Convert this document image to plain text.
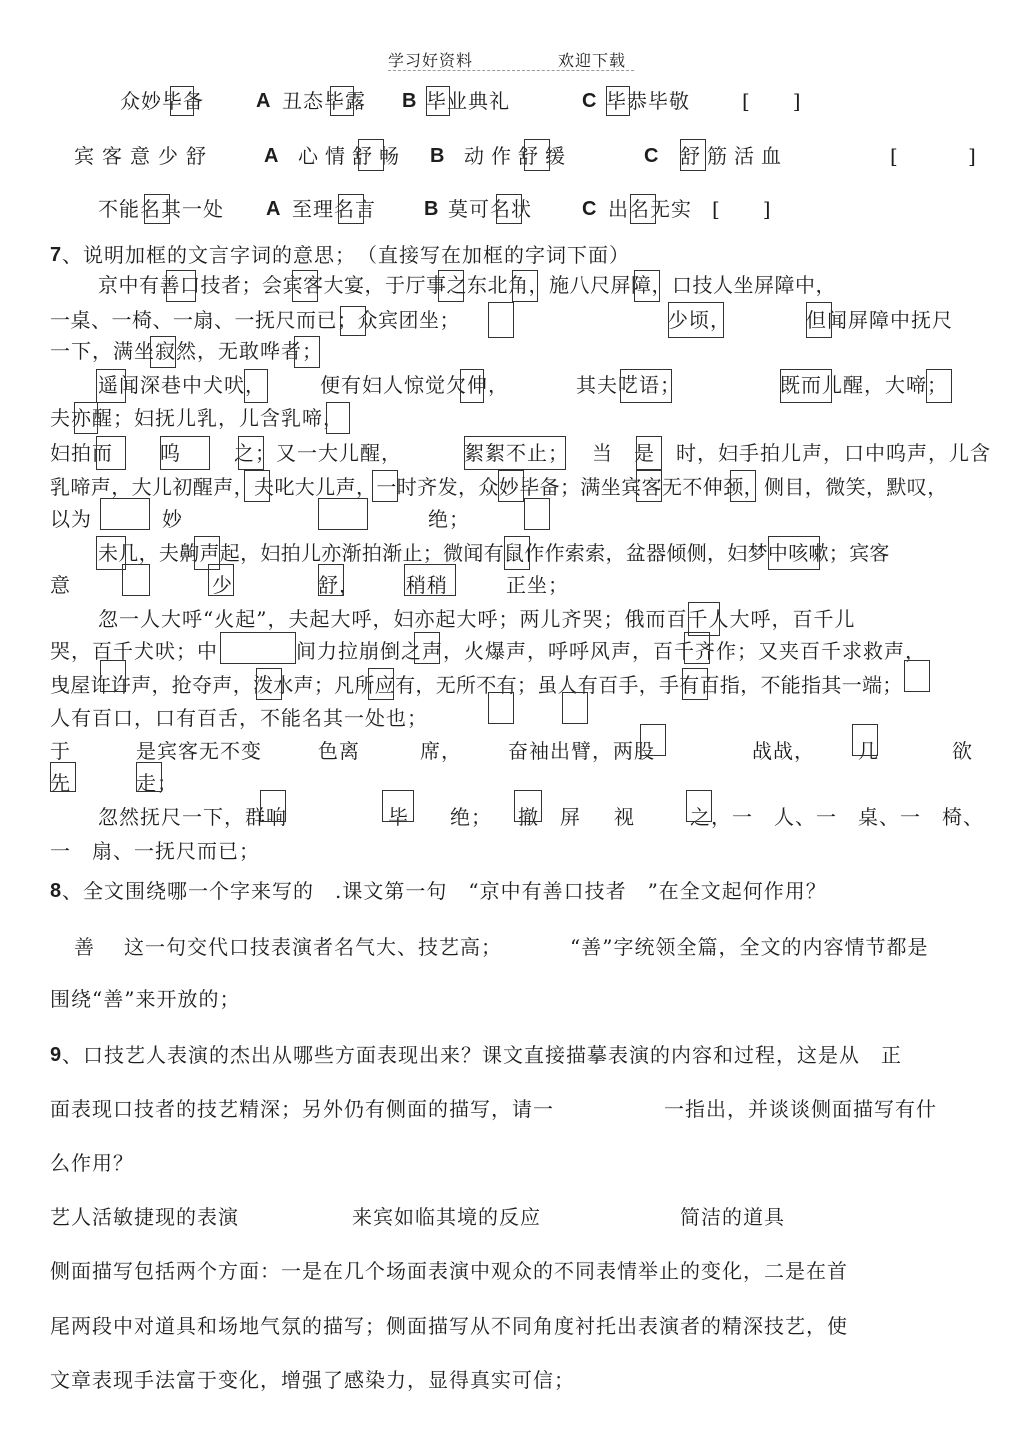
学习好资料	欢迎下载
众妙毕备	A 丑态毕露 B 毕业典礼	C 毕恭毕敬	[　　]
宾客意少舒	A 心情舒畅 B 动作舒缓	C 舒筋活血	[	]
不能名其一处 A 至理名言 B 莫可名状	C 出名无实 [　　]
7 、说明加框的文言字词的意思；　（直接写在加框的字词下面）
京中有善口技者；会宾客大宴，于厅事之东北角，施八尺屏障，口技人坐屏障中，
一桌、一椅、一扇、一抚尺而已；众宾团坐；	少顷，	但闻屏障中抚尺
一下，满坐寂然，无敢哗者；
遥闻深巷中犬吠，	便有妇人惊觉欠伸，	其夫呓语；	既而儿醒，大啼；
夫亦醒；妇抚儿乳，儿含乳啼，
妇拍而 呜	之；又一大儿醒，	絮絮不止； 当　是　时，妇手拍儿声，口中呜声，儿含
乳啼声，大儿初醒声，夫叱大儿声，一时齐发，众妙毕备；满坐宾客无不伸颈，侧目，微笑，默叹，
以为	妙	绝；
未几，夫齁声起，妇拍儿亦渐拍渐止；微闻有鼠作作索索，盆器倾侧，妇梦中咳嗽；宾客
意	少	舒， 稍稍	正坐；
忽一人大呼“火起”，夫起大呼，妇亦起大呼；两儿齐哭；俄而百千人大呼，百千儿
哭，百千犬吠；中	间力拉崩倒之声，火爆声，呼呼风声，百千齐作；又夹百千求救声，
曳屋许许声，抢夺声，泼水声；凡所应有，无所不有；虽人有百手，手有百指，不能指其一端；
人有百口，口有百舌，不能名其一处也；
于	是宾客无不变	色离	席， 奋袖出臂，两股	战战， 几	欲
先	走；
忽然抚尺一下，群响	毕 绝； 撤　屏 视	之，一　人、一　桌、一　椅、
一　扇、一抚尺而已；
8 、全文围绕哪一个字来写的　.课文第一句　“京中有善口技者　”在全文起何作用？
善 这一句交代口技表演者名气大、技艺高；	“善”字统领全篇，全文的内容情节都是
围绕“善”来开放的；
9 、口技艺人表演的杰出从哪些方面表现出来？课文直接描摹表演的内容和过程，这是从　正
面表现口技者的技艺精深；另外仍有侧面的描写，请一	一指出，并谈谈侧面描写有什
么作用？
艺人活敏捷现的表演	来宾如临其境的反应	简洁的道具
侧面描写包括两个方面：一是在几个场面表演中观众的不同表情举止的变化，二是在首
尾两段中对道具和场地气氛的描写；侧面描写从不同角度衬托出表演者的精深技艺，使
文章表现手法富于变化，增强了感染力，显得真实可信；
